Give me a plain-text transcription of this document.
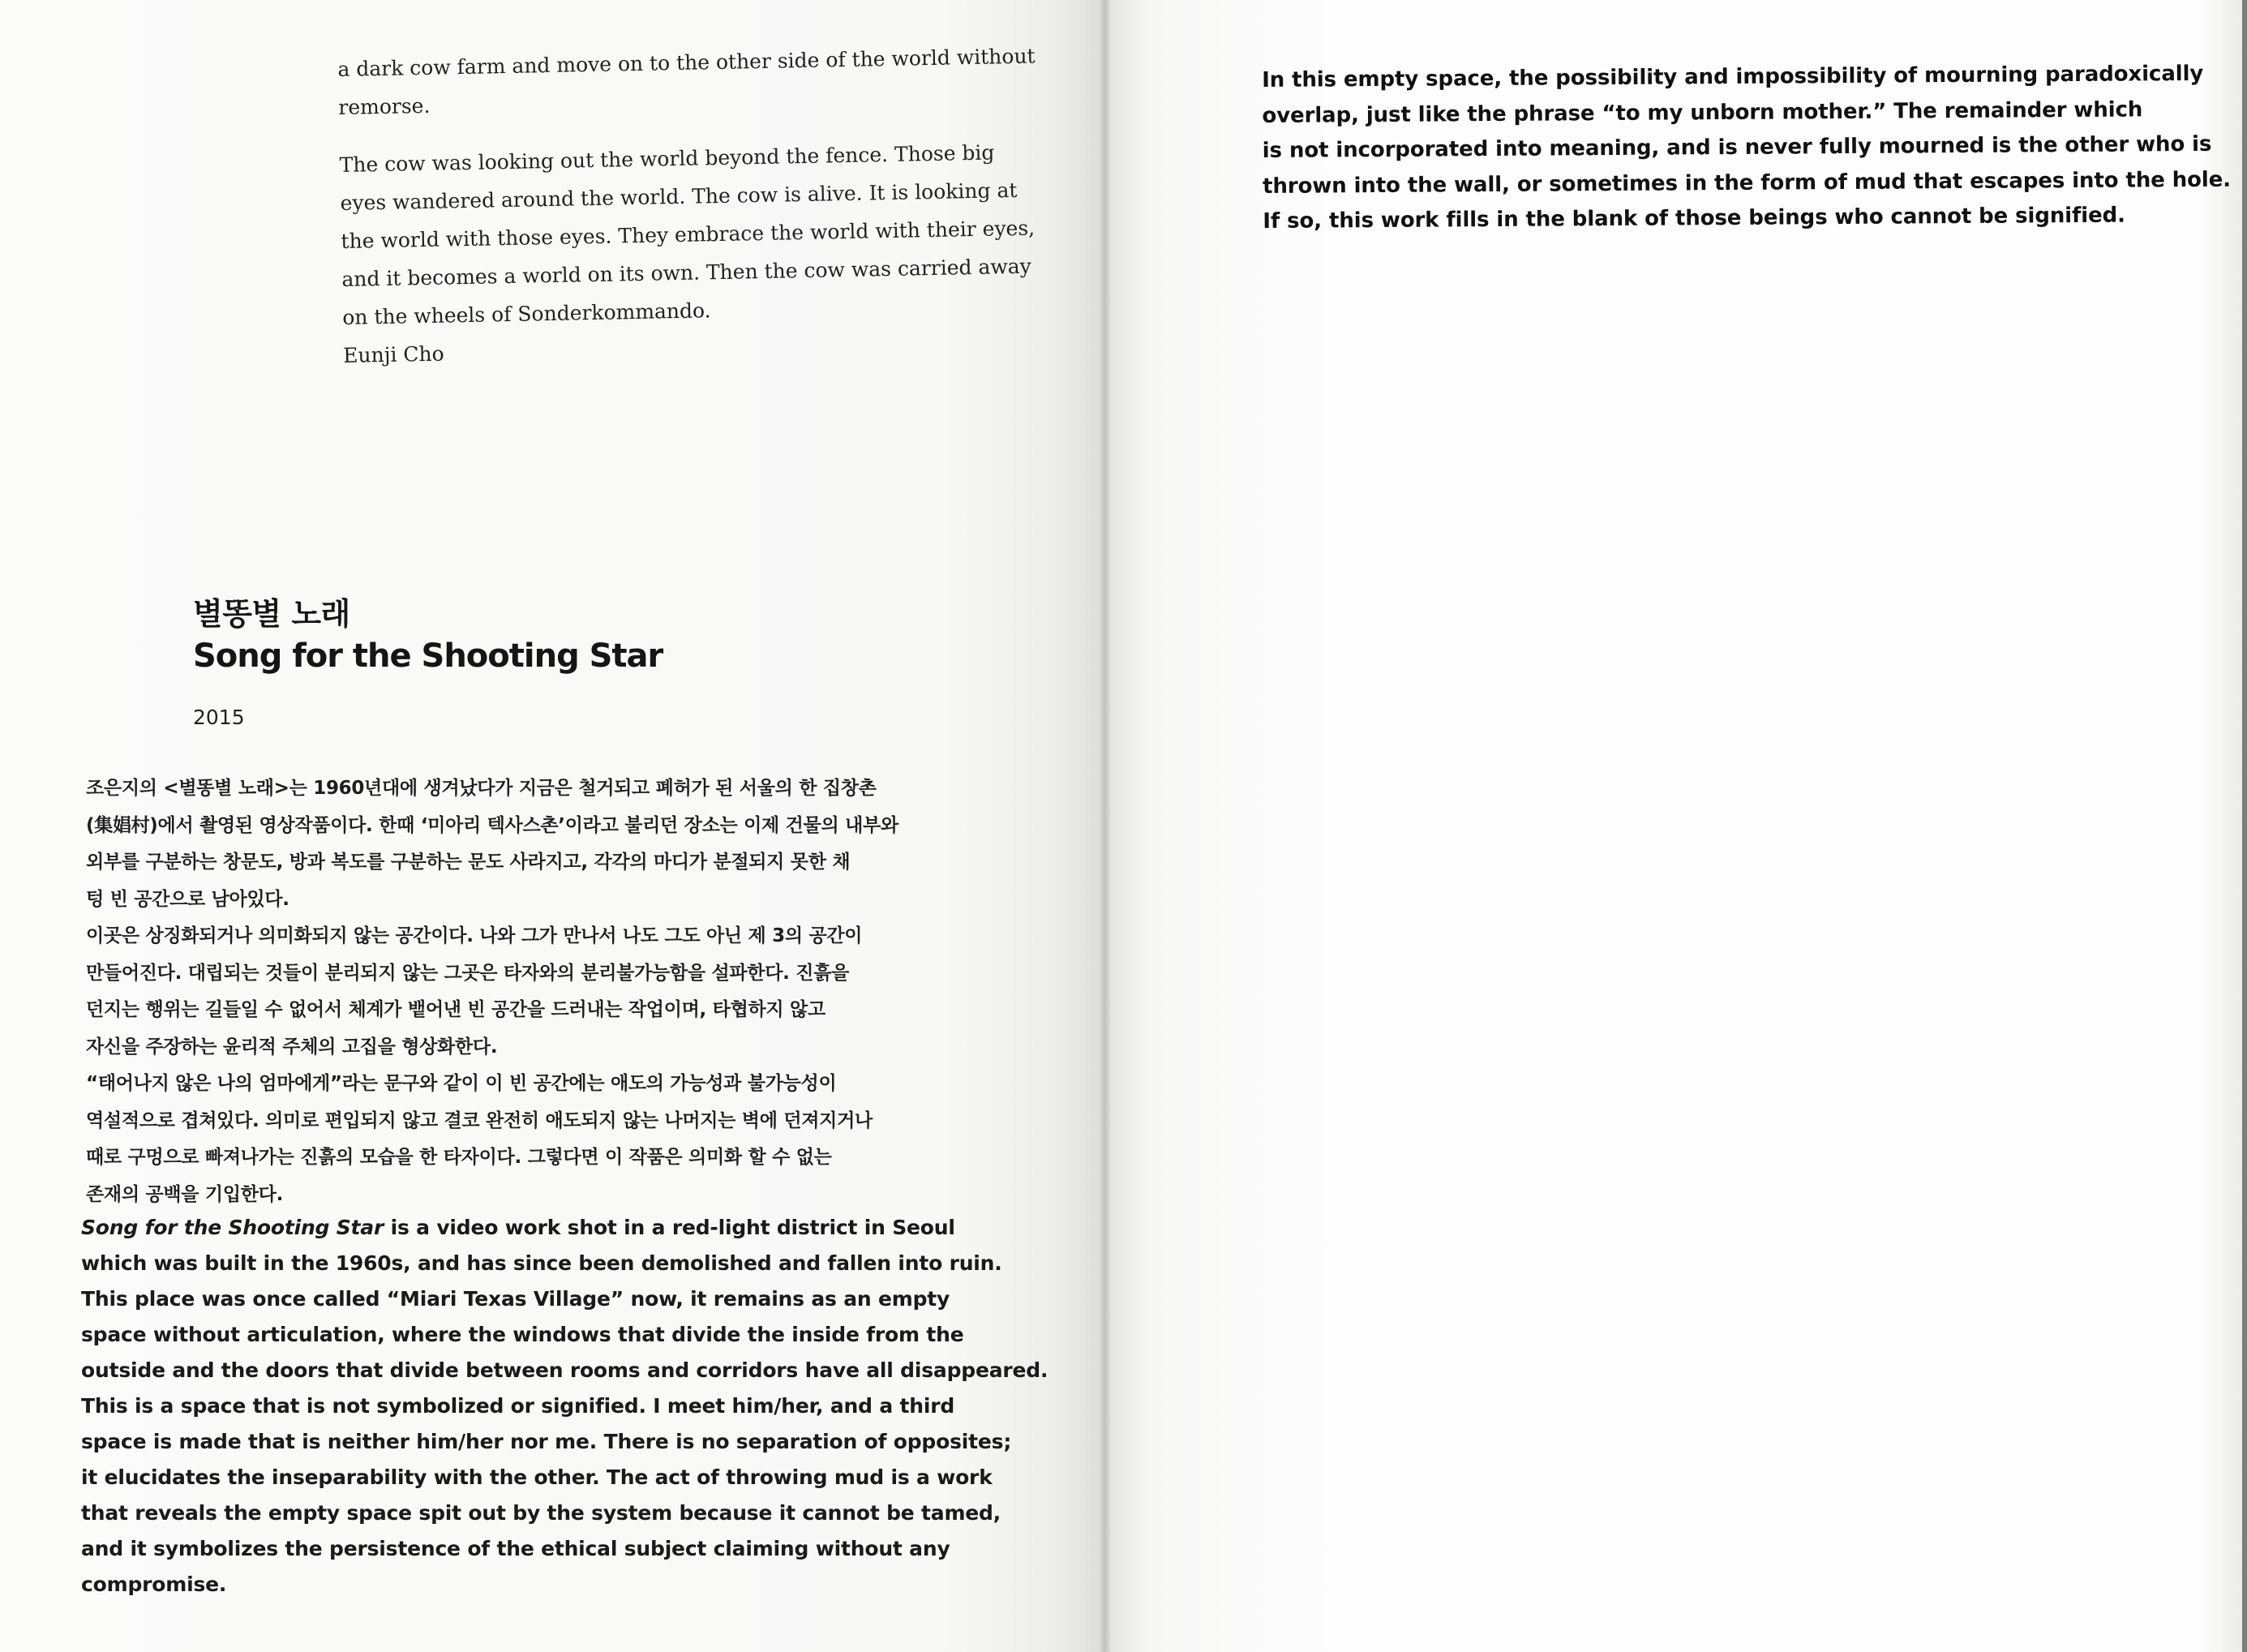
a dark cow farm and move on to the other side of the world without remorse.

The cow was looking out the world beyond the fence. Those big eyes wandered around the world. The cow is alive. It is looking at the world with those eyes. They embrace the world with their eyes, and it becomes a world on its own. Then the cow was carried away on the wheels of Sonderkommando.

Eunji Cho

별똥별 노래
Song for the Shooting Star
2015
조은지의 <별똥별 노래>는 1960년대에 생겨났다가 지금은 철거되고 폐허가 된 서울의 한 집창촌
(集娼村)에서 촬영된 영상작품이다. 한때 ‘미아리 텍사스촌’이라고 불리던 장소는 이제 건물의 내부와
외부를 구분하는 창문도, 방과 복도를 구분하는 문도 사라지고, 각각의 마디가 분절되지 못한 채
텅 빈 공간으로 남아있다.
이곳은 상징화되거나 의미화되지 않는 공간이다. 나와 그가 만나서 나도 그도 아닌 제 3의 공간이
만들어진다. 대립되는 것들이 분리되지 않는 그곳은 타자와의 분리불가능함을 설파한다. 진흙을
던지는 행위는 길들일 수 없어서 체계가 뱉어낸 빈 공간을 드러내는 작업이며, 타협하지 않고
자신을 주장하는 윤리적 주체의 고집을 형상화한다.
“태어나지 않은 나의 엄마에게”라는 문구와 같이 이 빈 공간에는 애도의 가능성과 불가능성이
역설적으로 겹쳐있다. 의미로 편입되지 않고 결코 완전히 애도되지 않는 나머지는 벽에 던져지거나
때로 구멍으로 빠져나가는 진흙의 모습을 한 타자이다. 그렇다면 이 작품은 의미화 할 수 없는
존재의 공백을 기입한다.
Song for the Shooting Star is a video work shot in a red-light district in Seoul
which was built in the 1960s, and has since been demolished and fallen into ruin.
This place was once called “Miari Texas Village” now, it remains as an empty
space without articulation, where the windows that divide the inside from the
outside and the doors that divide between rooms and corridors have all disappeared.
This is a space that is not symbolized or signified. I meet him/her, and a third
space is made that is neither him/her nor me. There is no separation of opposites;
it elucidates the inseparability with the other. The act of throwing mud is a work
that reveals the empty space spit out by the system because it cannot be tamed,
and it symbolizes the persistence of the ethical subject claiming without any
compromise.
In this empty space, the possibility and impossibility of mourning paradoxically
overlap, just like the phrase “to my unborn mother.” The remainder which
is not incorporated into meaning, and is never fully mourned is the other who is
thrown into the wall, or sometimes in the form of mud that escapes into the hole.
If so, this work fills in the blank of those beings who cannot be signified.
